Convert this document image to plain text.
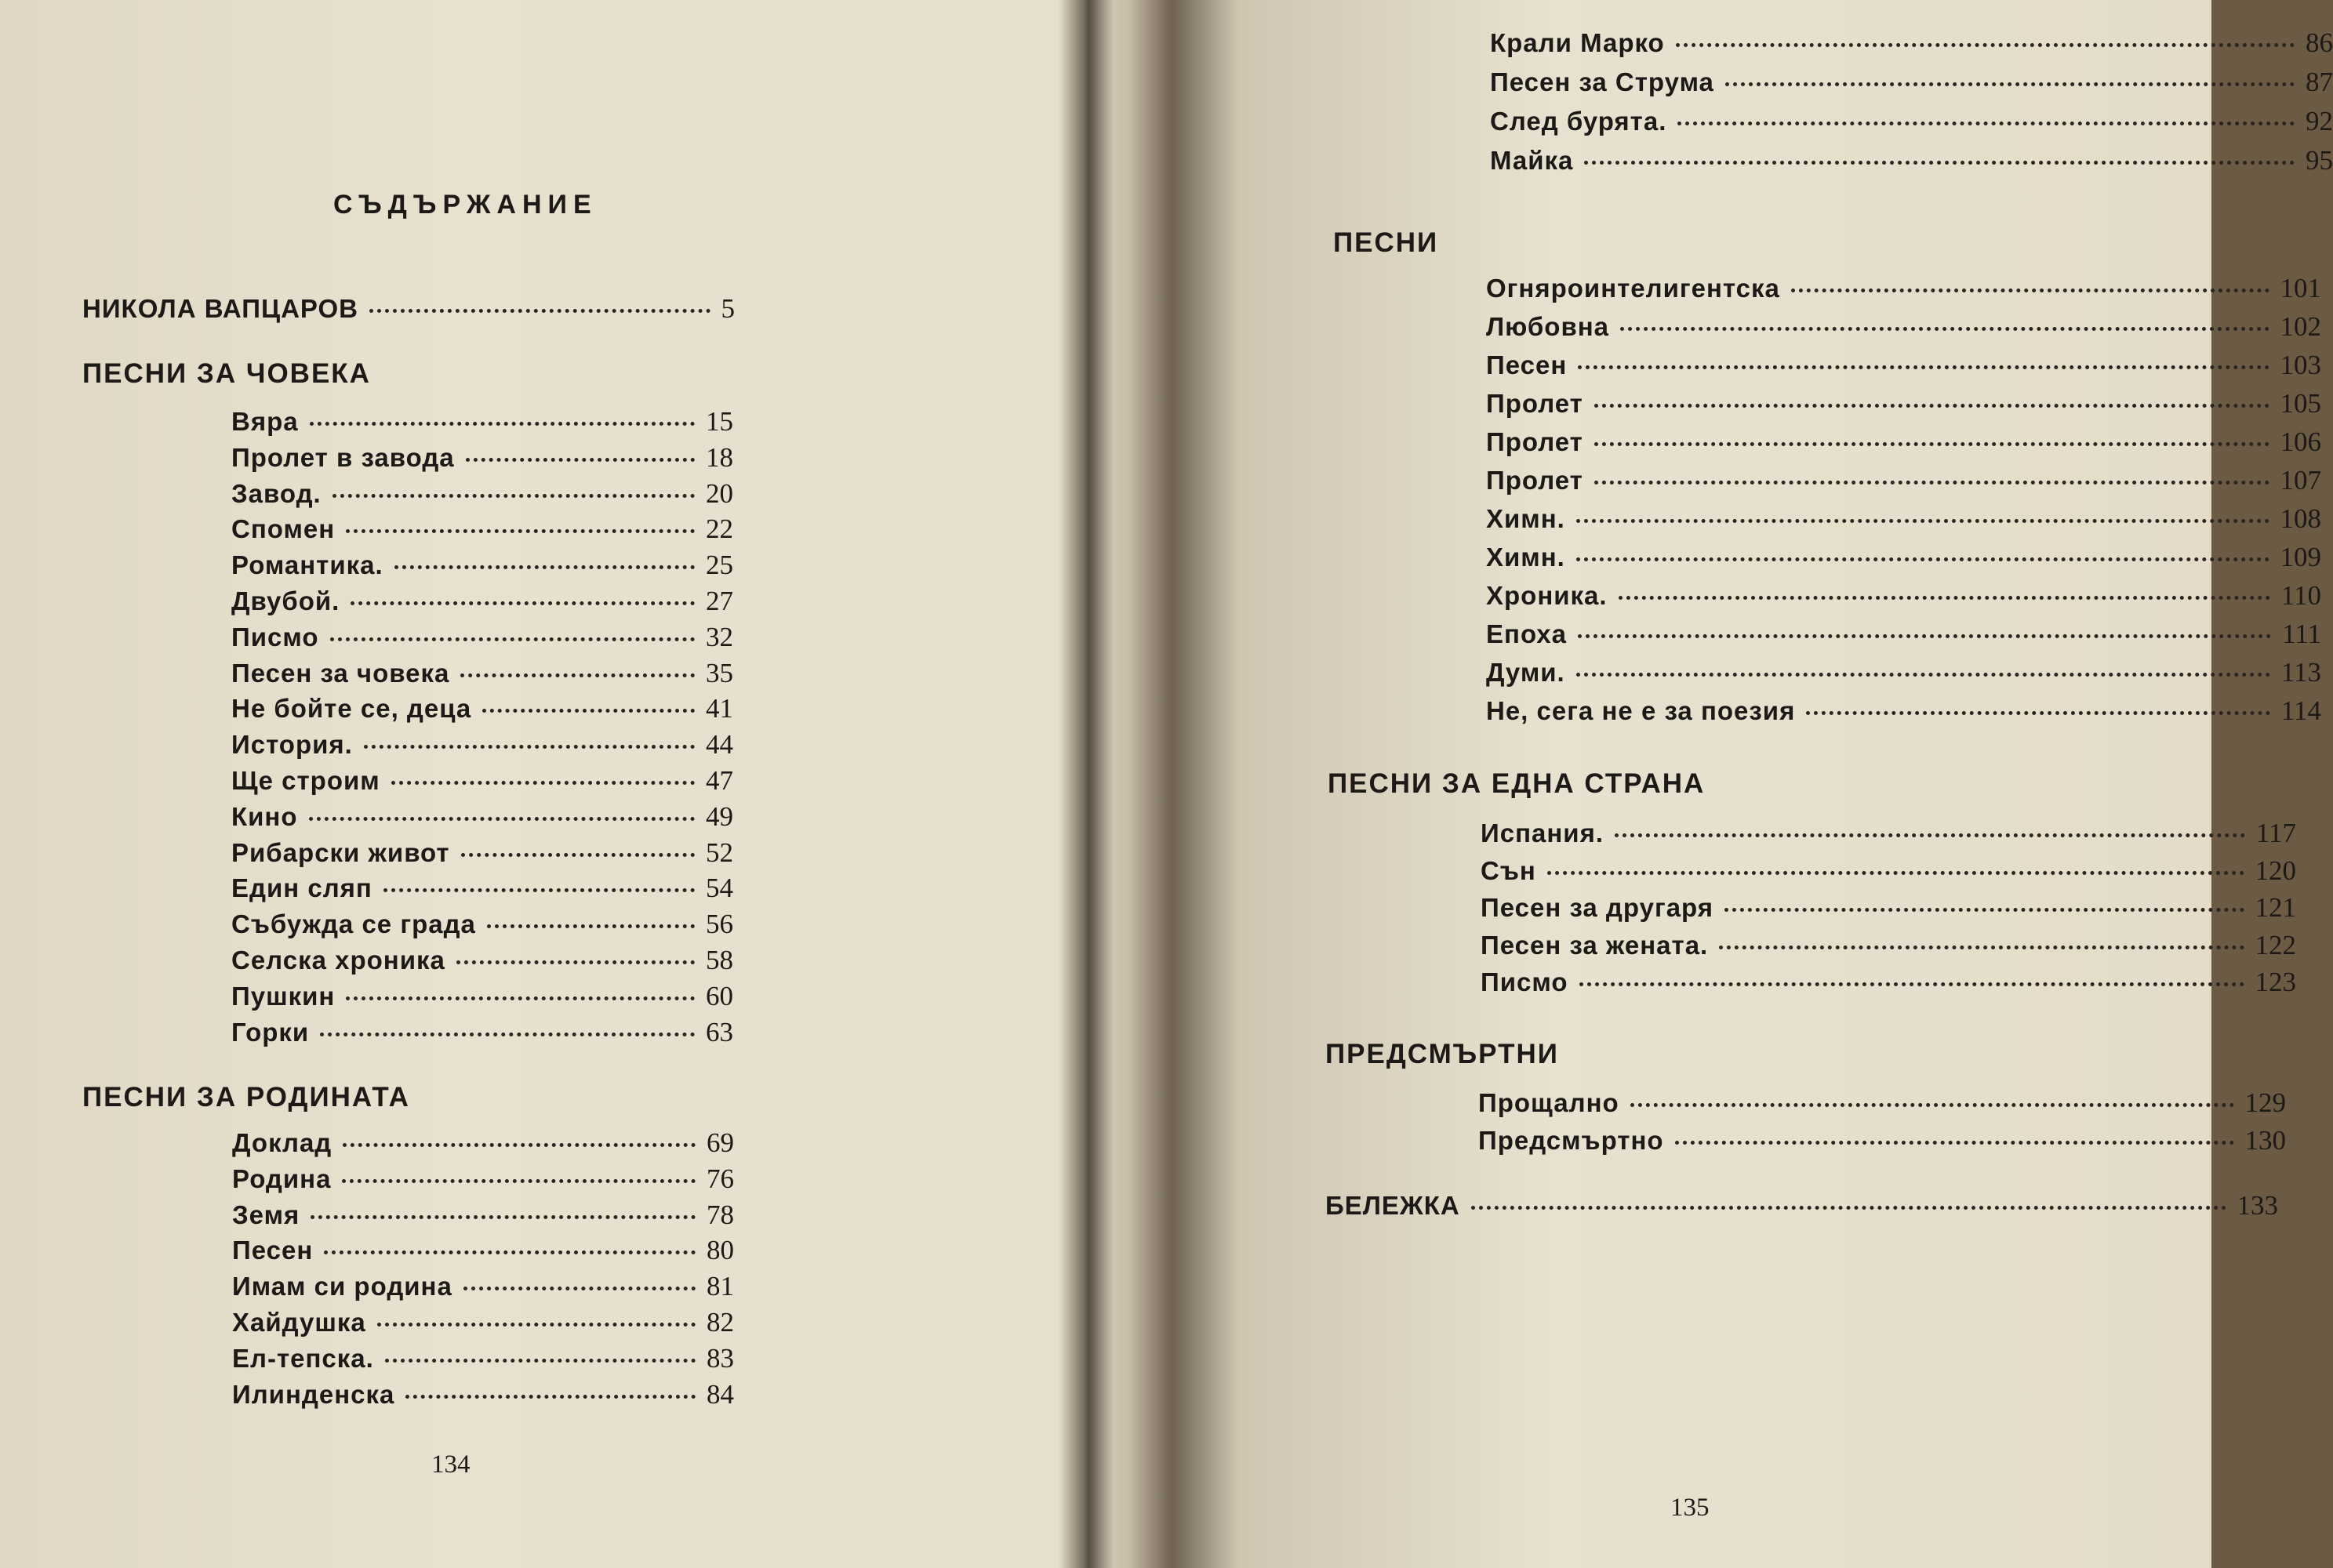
СЪДЪРЖАНИЕ
НИКОЛА ВАПЦАРОВ	5
ПЕСНИ ЗА ЧОВЕКА
Вяра	15
Пролет в завода	18
Завод.	20
Спомен	22
Романтика.	25
Двубой.	27
Писмо	32
Песен за човека	35
Не бойте се, деца	41
История.	44
Ще строим	47
Кино	49
Рибарски живот	52
Един сляп	54
Събужда се града	56
Селска хроника	58
Пушкин	60
Горки	63
ПЕСНИ ЗА РОДИНАТА
Доклад	69
Родина	76
Земя	78
Песен	80
Имам си родина	81
Хайдушка	82
Ел-тепска.	83
Илинденска	84
134
Крали Марко	86
Песен за Струма	87
След бурята.	92
Майка	95
ПЕСНИ
Огняроинтелигентска	101
Любовна	102
Песен	103
Пролет	105
Пролет	106
Пролет	107
Химн.	108
Химн.	109
Хроника.	110
Епоха	111
Думи.	113
Не, сега не е за поезия	114
ПЕСНИ ЗА ЕДНА СТРАНА
Испания.	117
Сън	120
Песен за другаря	121
Песен за жената.	122
Писмо	123
ПРЕДСМЪРТНИ
Прощално	129
Предсмъртно	130
БЕЛЕЖКА	133
135
